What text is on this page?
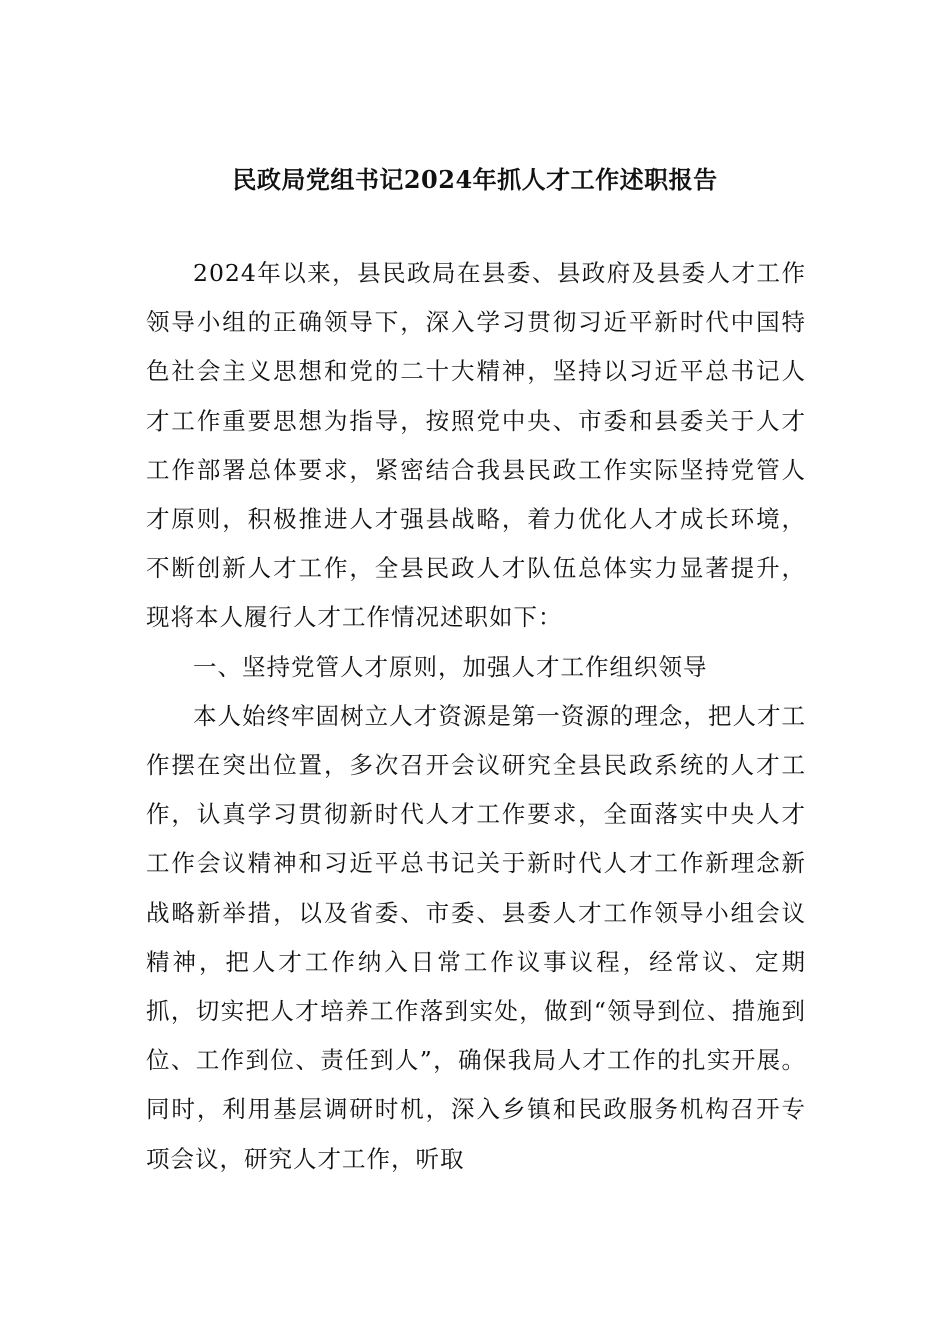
民政局党组书记2024年抓人才工作述职报告

2024年以来，县民政局在县委、县政府及县委人才工作领导小组的正确领导下，深入学习贯彻习近平新时代中国特色社会主义思想和党的二十大精神，坚持以习近平总书记人才工作重要思想为指导，按照党中央、市委和县委关于人才工作部署总体要求，紧密结合我县民政工作实际坚持党管人才原则，积极推进人才强县战略，着力优化人才成长环境，不断创新人才工作，全县民政人才队伍总体实力显著提升，现将本人履行人才工作情况述职如下：

一、坚持党管人才原则，加强人才工作组织领导

本人始终牢固树立人才资源是第一资源的理念，把人才工作摆在突出位置，多次召开会议研究全县民政系统的人才工作，认真学习贯彻新时代人才工作要求，全面落实中央人才工作会议精神和习近平总书记关于新时代人才工作新理念新战略新举措，以及省委、市委、县委人才工作领导小组会议精神，把人才工作纳入日常工作议事议程，经常议、定期抓，切实把人才培养工作落到实处，做到“领导到位、措施到位、工作到位、责任到人”，确保我局人才工作的扎实开展。同时，利用基层调研时机，深入乡镇和民政服务机构召开专项会议，研究人才工作，听取
